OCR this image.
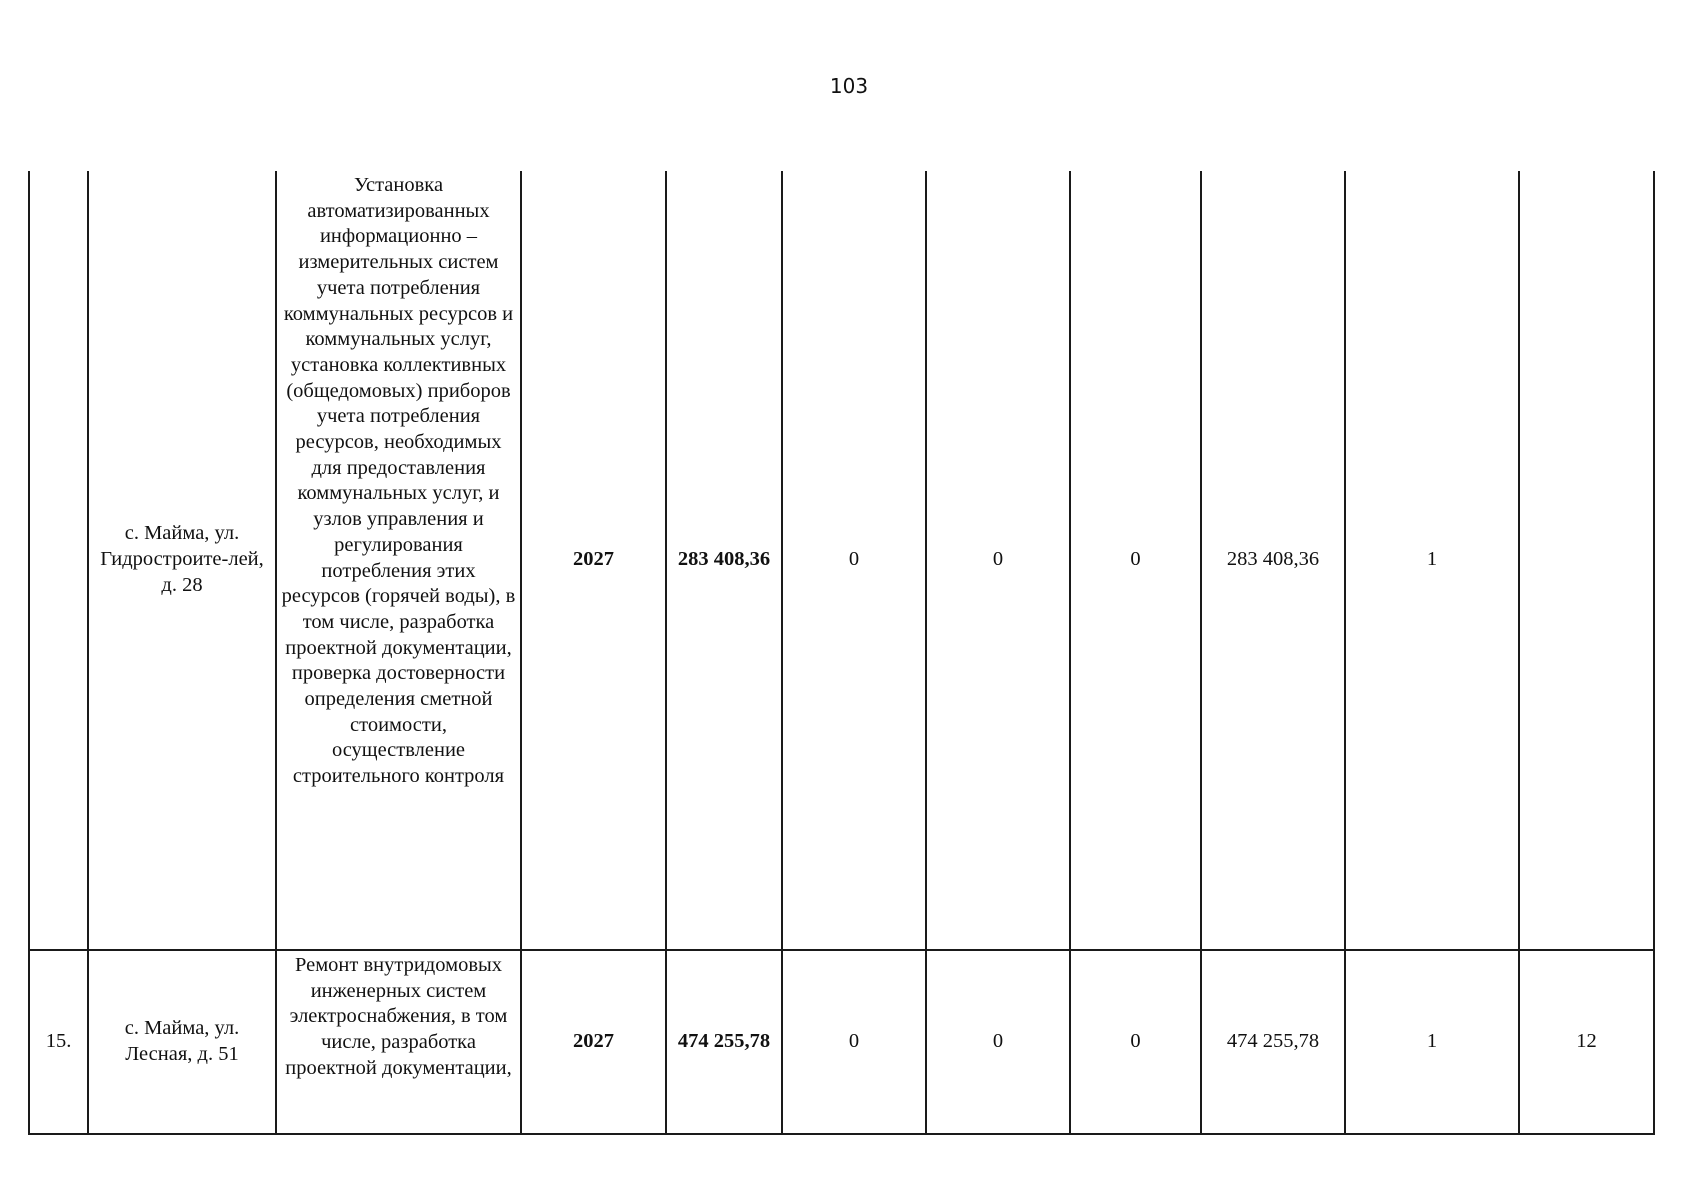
103
	с. Майма, ул. Гидростроите-лей, д. 28	Установка автоматизированных информационно – измерительных систем учета потребления коммунальных ресурсов и коммунальных услуг, установка коллективных (общедомовых) приборов учета потребления ресурсов, необходимых для предоставления коммунальных услуг, и узлов управления и регулирования потребления этих ресурсов (горячей воды), в том числе, разработка проектной документации, проверка достоверности определения сметной стоимости, осуществление строительного контроля	2027	283 408,36	0	0	0	283 408,36	1	
15.	с. Майма, ул. Лесная, д. 51	Ремонт внутридомовых инженерных систем электроснабжения, в том числе, разработка проектной документации,	2027	474 255,78	0	0	0	474 255,78	1	12
